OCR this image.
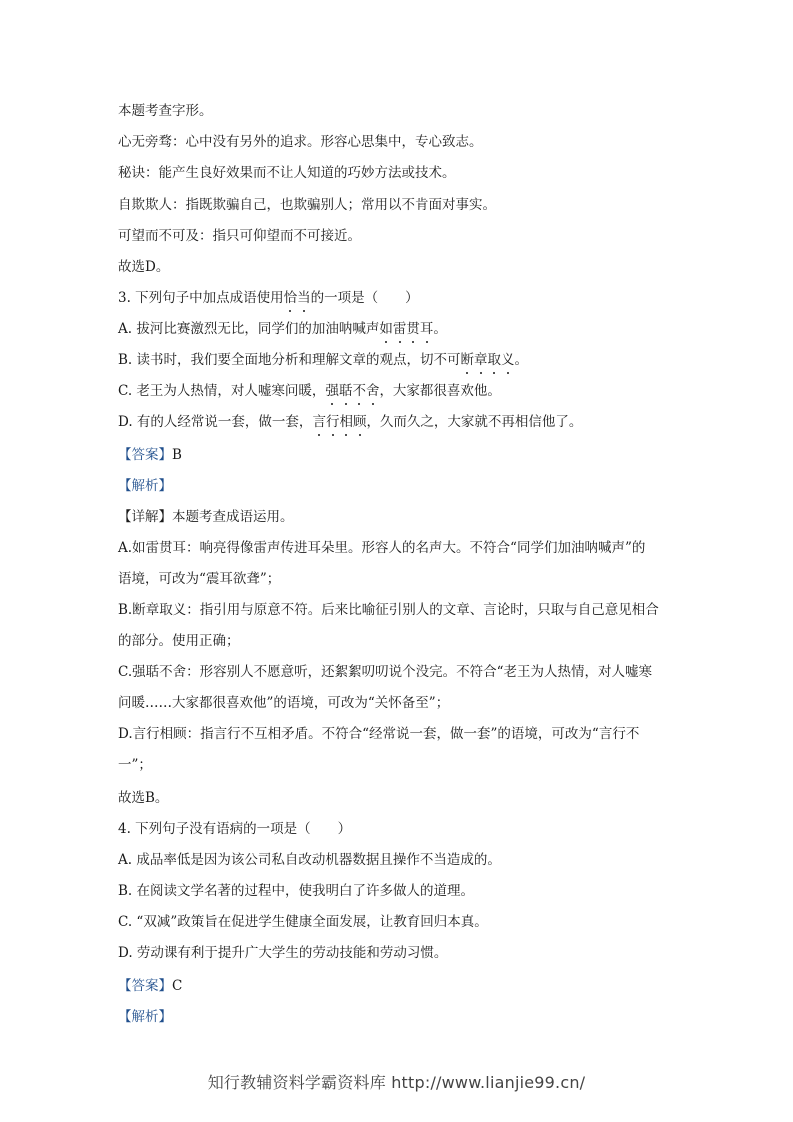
本题考查字形。
心无旁骛：心中没有另外的追求。形容心思集中，专心致志。
秘诀：能产生良好效果而不让人知道的巧妙方法或技术。
自欺欺人：指既欺骗自己，也欺骗别人；常用以不肯面对事实。
可望而不可及：指只可仰望而不可接近。
故选D。
3. 下列句子中加点成语使用恰当的一项是（　　）
A. 拔河比赛激烈无比，同学们的加油呐喊声如雷贯耳。
B. 读书时，我们要全面地分析和理解文章的观点，切不可断章取义。
C. 老王为人热情，对人嘘寒问暖，强聒不舍，大家都很喜欢他。
D. 有的人经常说一套，做一套，言行相顾，久而久之，大家就不再相信他了。
【答案】B
【解析】
【详解】本题考查成语运用。
A.如雷贯耳：响亮得像雷声传进耳朵里。形容人的名声大。不符合“同学们加油呐喊声”的
语境，可改为“震耳欲聋”；
B.断章取义：指引用与原意不符。后来比喻征引别人的文章、言论时，只取与自己意见相合
的部分。使用正确；
C.强聒不舍：形容别人不愿意听，还絮絮叨叨说个没完。不符合“老王为人热情，对人嘘寒
问暖……大家都很喜欢他”的语境，可改为“关怀备至”；
D.言行相顾：指言行不互相矛盾。不符合“经常说一套，做一套”的语境，可改为“言行不
一”；
故选B。
4. 下列句子没有语病的一项是（　　）
A. 成品率低是因为该公司私自改动机器数据且操作不当造成的。
B. 在阅读文学名著的过程中，使我明白了许多做人的道理。
C. “双减”政策旨在促进学生健康全面发展，让教育回归本真。
D. 劳动课有利于提升广大学生的劳动技能和劳动习惯。
【答案】C
【解析】
知行教辅资料学霸资料库 http://www.lianjie99.cn/
